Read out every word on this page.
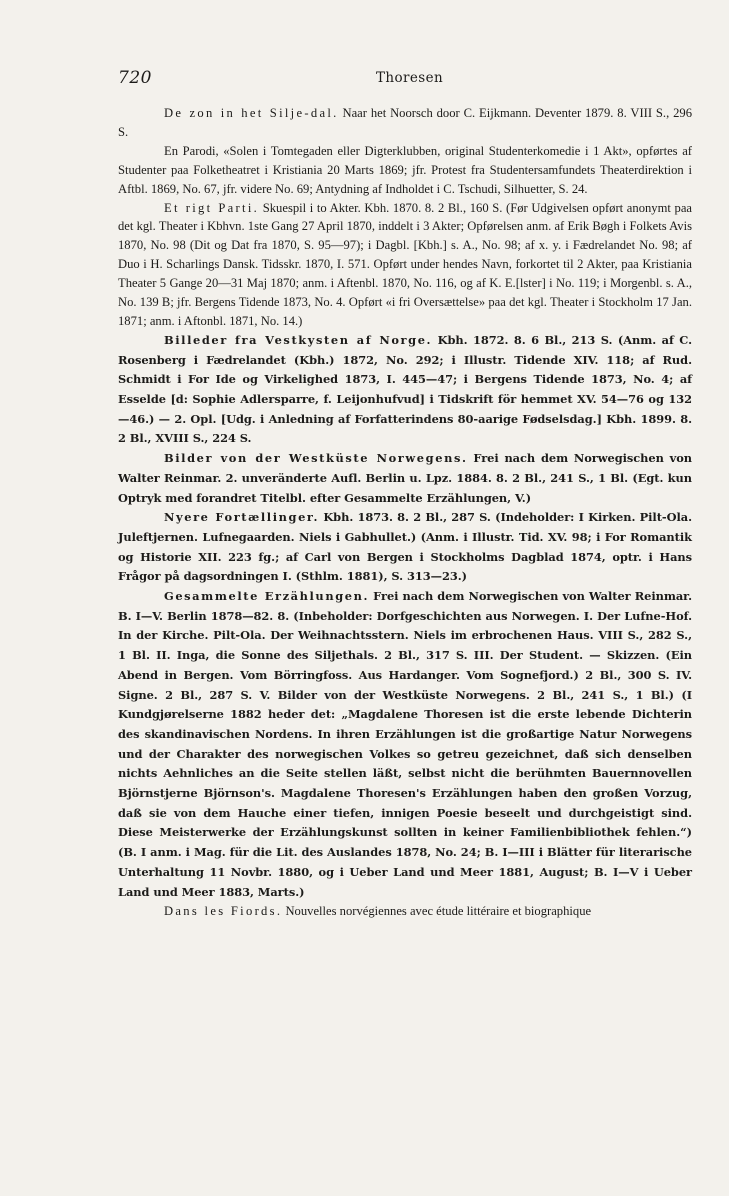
720	Thoresen

De zon in het Silje-dal. Naar het Noorsch door C. Eijkmann. Deventer 1879. 8. VIII S., 296 S.

En Parodi, «Solen i Tomtegaden eller Digterklubben, original Studenterkomedie i 1 Akt», opførtes af Studenter paa Folketheatret i Kristiania 20 Marts 1869; jfr. Protest fra Studentersamfundets Theaterdirektion i Aftbl. 1869, No. 67, jfr. videre No. 69; Antydning af Indholdet i C. Tschudi, Silhuetter, S. 24.

Et rigt Parti. Skuespil i to Akter. Kbh. 1870. 8. 2 Bl., 160 S. (Før Udgivelsen opført anonymt paa det kgl. Theater i Kbhvn. 1ste Gang 27 April 1870, inddelt i 3 Akter; Opførelsen anm. af Erik Bøgh i Folkets Avis 1870, No. 98 (Dit og Dat fra 1870, S. 95—97); i Dagbl. [Kbh.] s. A., No. 98; af x. y. i Fædrelandet No. 98; af Duo i H. Scharlings Dansk. Tidsskr. 1870, I. 571. Opført under hendes Navn, forkortet til 2 Akter, paa Kristiania Theater 5 Gange 20—31 Maj 1870; anm. i Aftenbl. 1870, No. 116, og af K. E.[lster] i No. 119; i Morgenbl. s. A., No. 139 B; jfr. Bergens Tidende 1873, No. 4. Opført «i fri Oversættelse» paa det kgl. Theater i Stockholm 17 Jan. 1871; anm. i Aftonbl. 1871, No. 14.)

Billeder fra Vestkysten af Norge. Kbh. 1872. 8. 6 Bl., 213 S. (Anm. af C. Rosenberg i Fædrelandet (Kbh.) 1872, No. 292; i Illustr. Tidende XIV. 118; af Rud. Schmidt i For Ide og Virkelighed 1873, I. 445—47; i Bergens Tidende 1873, No. 4; af Esselde [d: Sophie Adlersparre, f. Leijonhufvud] i Tidskrift för hemmet XV. 54—76 og 132—46.) — 2. Opl. [Udg. i Anledning af Forfatterindens 80-aarige Fødselsdag.] Kbh. 1899. 8. 2 Bl., XVIII S., 224 S.

Bilder von der Westküste Norwegens. Frei nach dem Norwegischen von Walter Reinmar. 2. unveränderte Aufl. Berlin u. Lpz. 1884. 8. 2 Bl., 241 S., 1 Bl. (Egt. kun Optryk med forandret Titelbl. efter Gesammelte Erzählungen, V.)

Nyere Fortællinger. Kbh. 1873. 8. 2 Bl., 287 S. (Indeholder: I Kirken. Pilt-Ola. Juleftjernen. Lufnegaarden. Niels i Gabhullet.) (Anm. i Illustr. Tid. XV. 98; i For Romantik og Historie XII. 223 fg.; af Carl von Bergen i Stockholms Dagblad 1874, optr. i Hans Frågor på dagsordningen I. (Sthlm. 1881), S. 313—23.)

Gesammelte Erzählungen. Frei nach dem Norwegischen von Walter Reinmar. B. I—V. Berlin 1878—82. 8. (Inbeholder: Dorfgeschichten aus Norwegen. I. Der Lufne-Hof. In der Kirche. Pilt-Ola. Der Weihnachtsstern. Niels im erbrochenen Haus. VIII S., 282 S., 1 Bl. II. Inga, die Sonne des Siljethals. 2 Bl., 317 S. III. Der Student. — Skizzen. (Ein Abend in Bergen. Vom Börringfoss. Aus Hardanger. Vom Sognefjord.) 2 Bl., 300 S. IV. Signe. 2 Bl., 287 S. V. Bilder von der Westküste Norwegens. 2 Bl., 241 S., 1 Bl.) (I Kundgjørelserne 1882 heder det: „Magdalene Thoresen ist die erste lebende Dichterin des skandinavischen Nordens. In ihren Erzählungen ist die großartige Natur Norwegens und der Charakter des norwegischen Volkes so getreu gezeichnet, daß sich denselben nichts Aehnliches an die Seite stellen läßt, selbst nicht die berühmten Bauernnovellen Björnstjerne Björnson's. Magdalene Thoresen's Erzählungen haben den großen Vorzug, daß sie von dem Hauche einer tiefen, innigen Poesie beseelt und durchgeistigt sind. Diese Meisterwerke der Erzählungskunst sollten in keiner Familienbibliothek fehlen.“) (B. I anm. i Mag. für die Lit. des Auslandes 1878, No. 24; B. I—III i Blätter für literarische Unterhaltung 11 Novbr. 1880, og i Ueber Land und Meer 1881, August; B. I—V i Ueber Land und Meer 1883, Marts.)

Dans les Fiords. Nouvelles norvégiennes avec étude littéraire et biographique
